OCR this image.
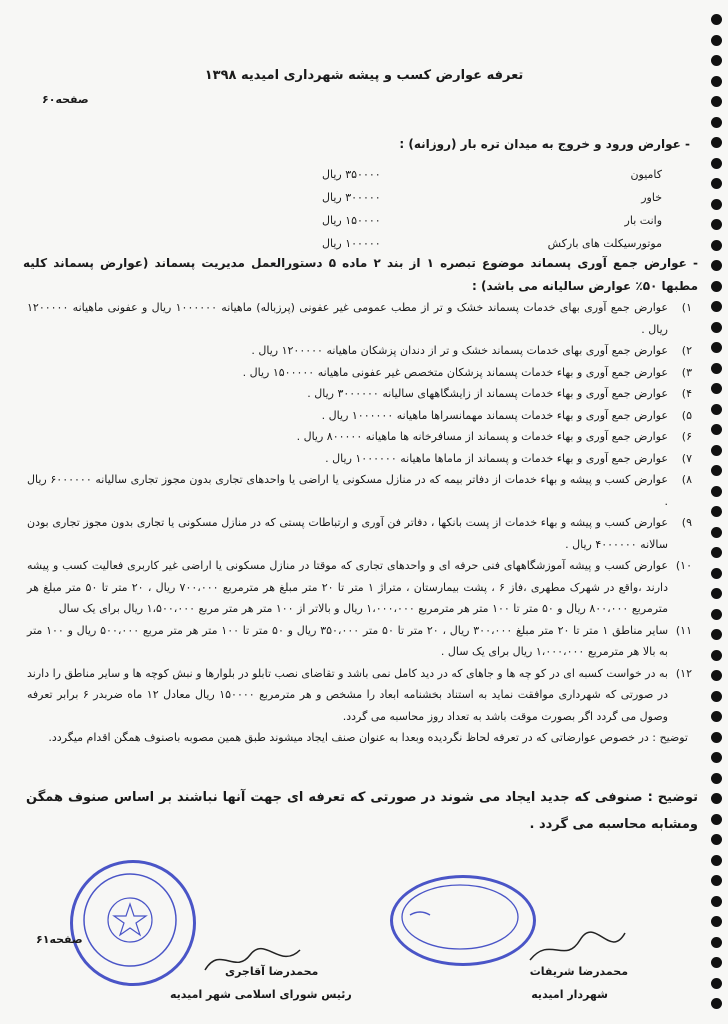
تعرفه عوارض کسب و پیشه شهرداری امیدیه ۱۳۹۸
صفحه۶۰
- عوارض ورود و خروج به میدان تره بار (روزانه) :
کامیون
۳۵۰۰۰۰ ریال
خاور
۳۰۰۰۰۰ ریال
وانت بار
۱۵۰۰۰۰ ریال
موتورسیکلت های بارکش
۱۰۰۰۰۰ ریال
- عوارض جمع آوری پسماند موضوع تبصره ۱ از بند ۲ ماده ۵ دستورالعمل مدیریت پسماند (عوارض پسماند کلیه مطبها ۵۰٪ عوارض سالیانه می باشد) :
۱)
عوارض جمع آوری بهای خدمات پسماند خشک و تر از مطب عمومی غیر عفونی (پرزباله) ماهیانه ۱۰۰۰۰۰۰ ریال و عفونی ماهیانه ۱۲۰۰۰۰۰ ریال .
۲)
عوارض جمع آوری بهای خدمات پسماند خشک و تر از دندان پزشکان ماهیانه ۱۲۰۰۰۰۰ ریال .
۳)
عوارض جمع آوری و بهاء خدمات پسماند پزشکان متخصص غیر عفونی ماهیانه ۱۵۰۰۰۰۰ ریال .
۴)
عوارض جمع آوری و بهاء خدمات پسماند از زایشگاههای سالیانه ۳۰۰۰۰۰۰ ریال .
۵)
عوارض جمع آوری و بهاء خدمات پسماند مهمانسراها ماهیانه ۱۰۰۰۰۰۰ ریال .
۶)
عوارض جمع آوری و بهاء خدمات و پسماند از مسافرخانه ها ماهیانه ۸۰۰۰۰۰ ریال .
۷)
عوارض جمع آوری و بهاء خدمات و پسماند از ماماها ماهیانه ۱۰۰۰۰۰۰ ریال .
۸)
عوارض کسب و پیشه و بهاء خدمات از دفاتر بیمه که در منازل مسکونی یا اراضی یا واحدهای تجاری بدون مجوز تجاری سالیانه ۶۰۰۰۰۰۰ ریال .
۹)
عوارض کسب و پیشه و بهاء خدمات از پست بانکها ، دفاتر فن آوری و ارتباطات پستی که در منازل مسکونی یا تجاری بدون مجوز تجاری بودن سالانه ۴۰۰۰۰۰۰ ریال .
۱۰)
عوارض کسب و پیشه آموزشگاههای فنی حرفه ای و واحدهای تجاری که موقتا در منازل مسکونی یا اراضی غیر کاربری فعالیت کسب و پیشه دارند ،واقع در شهرک مطهری ،فاز ۶ ، پشت بیمارستان ، متراژ ۱ متر تا ۲۰ متر مبلغ هر مترمربع ۷۰۰،۰۰۰ ریال ، ۲۰ متر تا ۵۰ متر مبلغ هر مترمربع ۸۰۰،۰۰۰ ریال و ۵۰ متر تا ۱۰۰ متر هر مترمربع ۱،۰۰۰،۰۰۰ ریال و بالاتر از ۱۰۰ متر هر متر مربع ۱،۵۰۰،۰۰۰ ریال برای یک سال
۱۱)
سایر مناطق ۱ متر تا ۲۰ متر مبلغ ۳۰۰،۰۰۰ ریال ، ۲۰ متر تا ۵۰ متر ۳۵۰،۰۰۰ ریال و ۵۰ متر تا ۱۰۰ متر هر متر مربع ۵۰۰،۰۰۰ ریال و ۱۰۰ متر به بالا هر مترمربع ۱،۰۰۰،۰۰۰ ریال برای یک سال .
۱۲)
به در خواست کسبه ای در کو چه ها و جاهای که در دید کامل نمی باشد و تقاضای نصب تابلو در بلوارها و نبش کوچه ها و سایر مناطق را دارند در صورتی که شهرداری موافقت نماید به استناد بخشنامه ابعاد را مشخص و هر مترمربع ۱۵۰۰۰۰ ریال معادل ۱۲ ماه ضربدر ۶ برابر تعرفه وصول می گردد اگر بصورت موقت باشد به تعداد روز محاسبه می گردد.
توضیح : در خصوص عوارضاتی که در تعرفه لحاظ نگردیده وبعدا به عنوان صنف ایجاد میشوند طبق همین مصوبه باصنوف همگن اقدام میگردد.
توضیح : صنوفی که جدید ایجاد می شوند در صورتی که تعرفه ای جهت آنها نباشند بر اساس صنوف همگن ومشابه محاسبه می گردد .
صفحه۶۱
محمدرضا آقاجری
رئیس شورای اسلامی شهر امیدیه
محمدرضا شریفات
شهردار امیدیه
